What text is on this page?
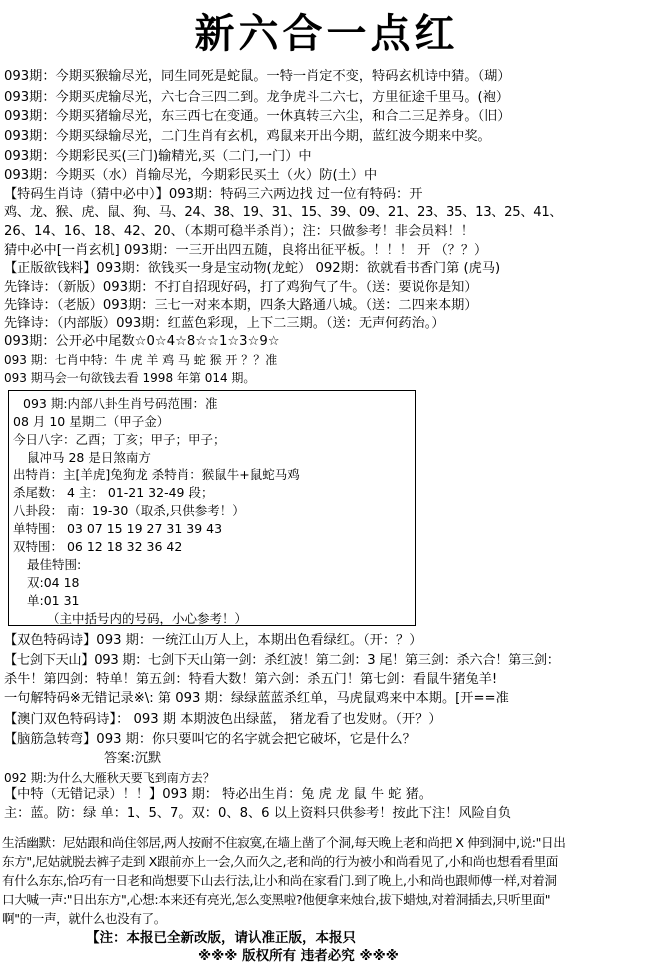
新六合一点红
093期：今期买猴输尽光，同生同死是蛇鼠。一特一肖定不变，特码玄机诗中猜。（瑚）
093期：今期买虎输尽光，六七合三四二到。龙争虎斗二六七，方里征途千里马。(袍）
093期：今期买猪输尽光，东三西七在变通。一休真转三六尘，和合二三足养身。（旧）
093期：今期买绿输尽光，二门生肖有玄机，鸡鼠来开出今期，蓝红波今期来中奖。
093期：今期彩民买(三门)输精光,买（二门,一门）中
093期：今期买（水）肖输尽光，今期彩民买土（火）防(土）中
【特码生肖诗（猜中必中）】093期：特码三六两边找 过一位有特码：开
鸡、龙、猴、虎、鼠、狗、马、24、38、19、31、15、39、09、21、23、35、13、25、41、
26、14、16、18、42、20、（本期可稳半杀肖）；注：只做参考！非会员料！！
猜中必中[一肖玄机] 093期：一三开出四五随，良将出征平板。！！！ 开 （？？）
【正版欲钱料】093期：欲钱买一身是宝动物(龙蛇） 092期：欲就看书香门第 (虎马)
先锋诗：（新版）093期：不打自招现好码，打了鸡狗气了牛。（送：要说你是知）
先锋诗：（老版）093期：三七一对来本期，四条大路通八城。（送：二四来本期）
先锋诗：（内部版）093期：红蓝色彩现，上下二三期。（送：无声何药治。）
093期：公开必中尾数☆0☆4☆8☆☆1☆3☆9☆
093 期：七肖中特：牛 虎 羊 鸡 马 蛇 猴 开 ？？准
093 期马会一句欲钱去看 1998 年第 014 期。
093 期:内部八卦生肖号码范围：准
08 月 10 星期二（甲子金）
今日八字：乙酉；丁亥；甲子；甲子；
鼠冲马 28 是日煞南方
出特肖：主[羊虎]兔狗龙 杀特肖：猴鼠牛+鼠蛇马鸡
杀尾数： 4 主： 01-21 32-49 段；
八卦段： 南：19-30（取杀,只供参考！）
单特围： 03 07 15 19 27 31 39 43
双特围： 06 12 18 32 36 42
最佳特围:
双:04 18
单:01 31
（主中括号内的号码，小心参考！）
【双色特码诗】093 期：一统江山万人上，本期出色看绿红。（开：？）
【七剑下天山】093 期：七剑下天山第一剑：杀红波！第二剑：3 尾！第三剑：杀六合！第三剑：
杀牛！第四剑：特单！第五剑：特看大数！第六剑：杀五门！第七剑：看鼠牛猪兔羊!
一句解特码※无错记录※\: 第 093 期：绿绿蓝蓝杀红单，马虎鼠鸡来中本期。[开==准
【澳门双色特码诗】： 093 期 本期波色出绿蓝， 猪龙看了也发财。（开？）
【脑筋急转弯】093 期：你只要叫它的名字就会把它破坏，它是什么？
答案:沉默
092 期:为什么大雁秋天要飞到南方去？
【中特（无错记录）！！】093 期： 特必出生肖：兔 虎 龙 鼠 牛 蛇 猪。
主：蓝。防：绿 单：1、5、7。双：0、8、6 以上资料只供参考！按此下注！风险自负
生活幽默：尼姑跟和尚住邻居,两人按耐不住寂寞,在墙上凿了个洞,每天晚上老和尚把 X 伸到洞中,说:"日出
东方",尼姑就脱去裤子走到 X跟前亦上一会,久而久之,老和尚的行为被小和尚看见了,小和尚也想看看里面
有什么东东,恰巧有一日老和尚想要下山去行法,让小和尚在家看门.到了晚上,小和尚也跟师傅一样,对着洞
口大喊一声:"日出东方",心想:本来还有亮光,怎么变黑啦?他便拿来烛台,拔下蜡烛,对着洞插去,只听里面"
啊"的一声，就什么也没有了。
【注：本报已全新改版，请认准正版，本报只
※※※ 版权所有 违者必究 ※※※
